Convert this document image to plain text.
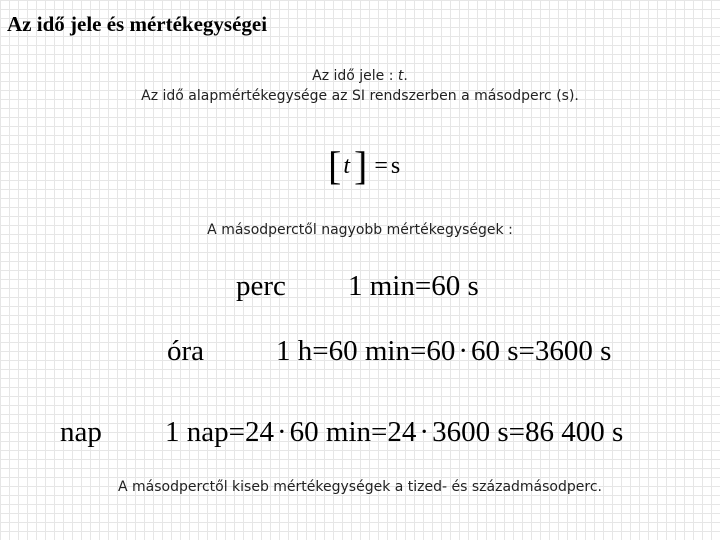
Az idő jele és mértékegységei
Az idő jele : t.
Az idő alapmértékegysége az SI rendszerben a másodperc (s).
[ t ] = s
A másodperctől nagyobb mértékegységek :
perc 1 min=60 s
óra 1 h=60 min=60 · 60 s=3600 s
nap 1 nap=24 · 60 min=24 · 3600 s=86 400 s
A másodperctől kiseb mértékegységek a tized- és századmásodperc.
